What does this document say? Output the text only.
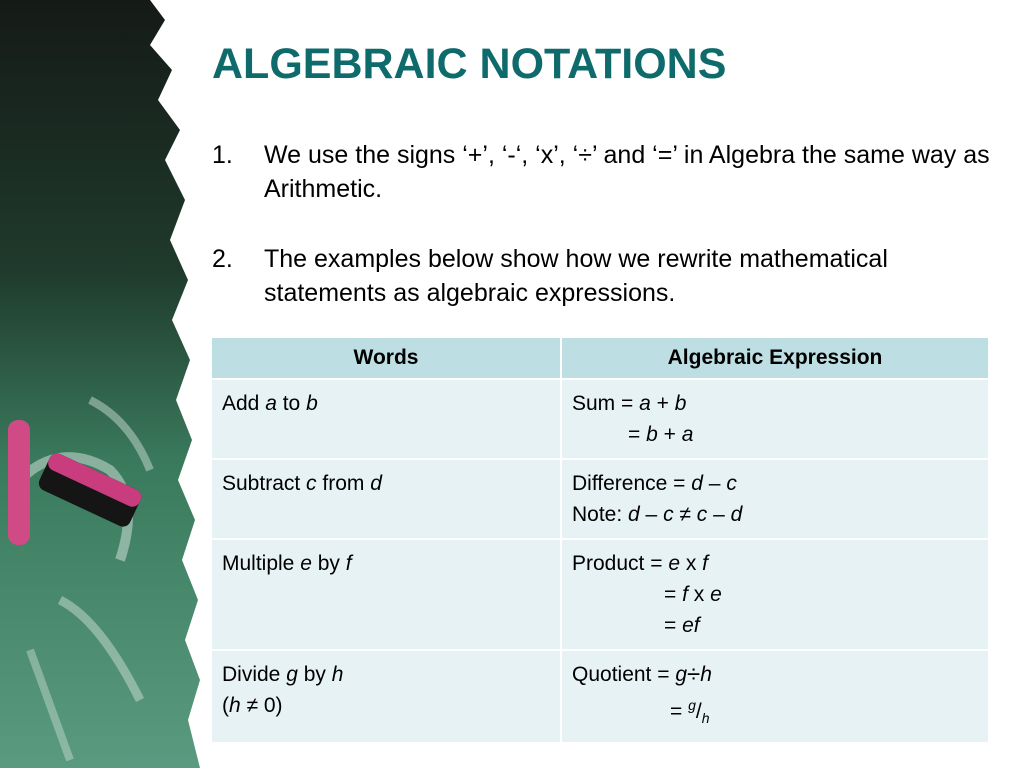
ALGEBRAIC NOTATIONS
1. We use the signs ‘+’, ‘-‘, ‘x’, ‘÷’ and ‘=’ in Algebra the same way as Arithmetic.
2. The examples below show how we rewrite mathematical statements as algebraic expressions.
Words	Algebraic Expression

Add a to b	Sum = a + b
= b + a

Subtract c from d	Difference = d – c
Note: d – c ≠ c – d

Multiple e by f	Product = e x f
= f x e
= ef

Divide g by h
(h ≠ 0)	Quotient = g÷h
= $^g/_h$
